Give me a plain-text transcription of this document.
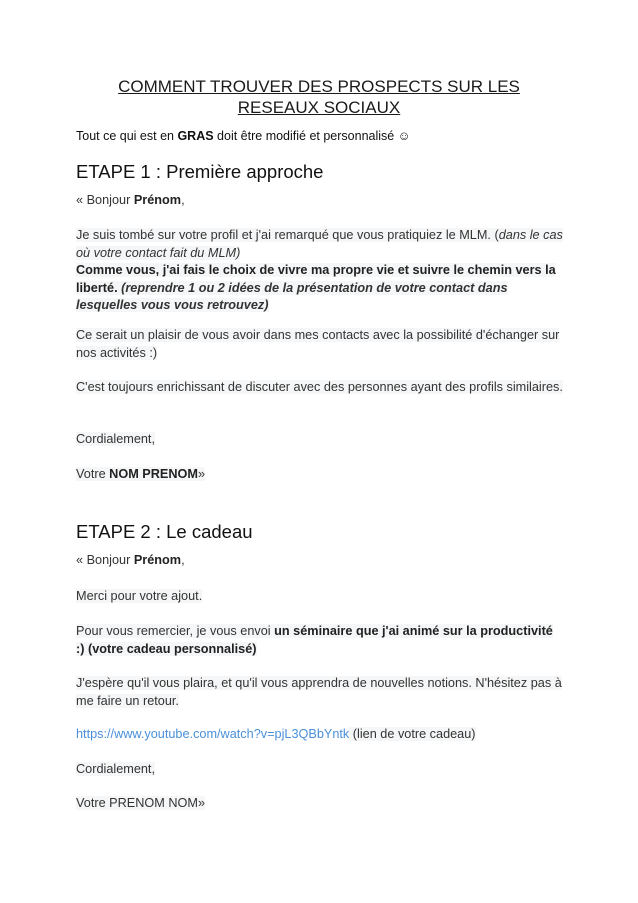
COMMENT TROUVER DES PROSPECTS SUR LES
RESEAUX SOCIAUX
Tout ce qui est en GRAS doit être modifié et personnalisé ☺
ETAPE 1 : Première approche
« Bonjour Prénom,
Je suis tombé sur votre profil et j'ai remarqué que vous pratiquiez le MLM. (dans le cas où votre contact fait du MLM)
Comme vous, j'ai fais le choix de vivre ma propre vie et suivre le chemin vers la liberté. (reprendre 1 ou 2 idées de la présentation de votre contact dans lesquelles vous vous retrouvez)
Ce serait un plaisir de vous avoir dans mes contacts avec la possibilité d'échanger sur nos activités :)
C'est toujours enrichissant de discuter avec des personnes ayant des profils similaires.
Cordialement,
Votre NOM PRENOM»
ETAPE 2 : Le cadeau
« Bonjour Prénom,
Merci pour votre ajout.
Pour vous remercier, je vous envoi un séminaire que j'ai animé sur la productivité :) (votre cadeau personnalisé)
J'espère qu'il vous plaira, et qu'il vous apprendra de nouvelles notions. N'hésitez pas à me faire un retour.
https://www.youtube.com/watch?v=pjL3QBbYntk (lien de votre cadeau)
Cordialement,
Votre PRENOM NOM»
